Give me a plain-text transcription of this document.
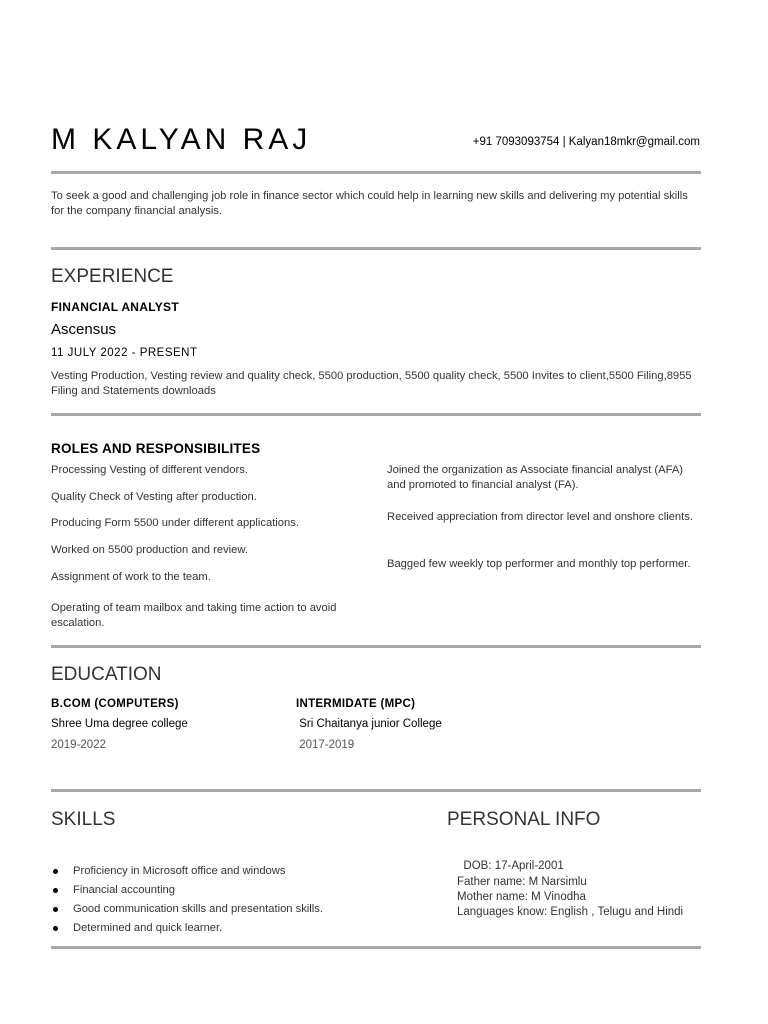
M KALYAN RAJ	+91 7093093754 | Kalyan18mkr@gmail.com
To seek a good and challenging job role in finance sector which could help in learning new skills and delivering my potential skills for the company financial analysis.
EXPERIENCE
FINANCIAL ANALYST
Ascensus
11 JULY 2022 - PRESENT
Vesting Production, Vesting review and quality check, 5500 production, 5500 quality check, 5500 Invites to client,5500 Filing,8955 Filing and Statements downloads
ROLES AND RESPONSIBILITES
Processing Vesting of different vendors.
Quality Check of Vesting after production.
Producing Form 5500 under different applications.
Worked on 5500 production and review.
Assignment of work to the team.
Operating of team mailbox and taking time action to avoid escalation.
Joined the organization as Associate financial analyst (AFA) and promoted to financial analyst (FA).
Received appreciation from director level and onshore clients.
Bagged few weekly top performer and monthly top performer.
EDUCATION
B.COM (COMPUTERS)
Shree Uma degree college
2019-2022
INTERMIDATE (MPC)
Sri Chaitanya junior College
2017-2019
SKILLS
Proficiency in Microsoft office and windows
Financial accounting
Good communication skills and presentation skills.
Determined and quick learner.
PERSONAL INFO
DOB: 17-April-2001
Father name: M Narsimlu
Mother name: M Vinodha
Languages know: English , Telugu and Hindi
